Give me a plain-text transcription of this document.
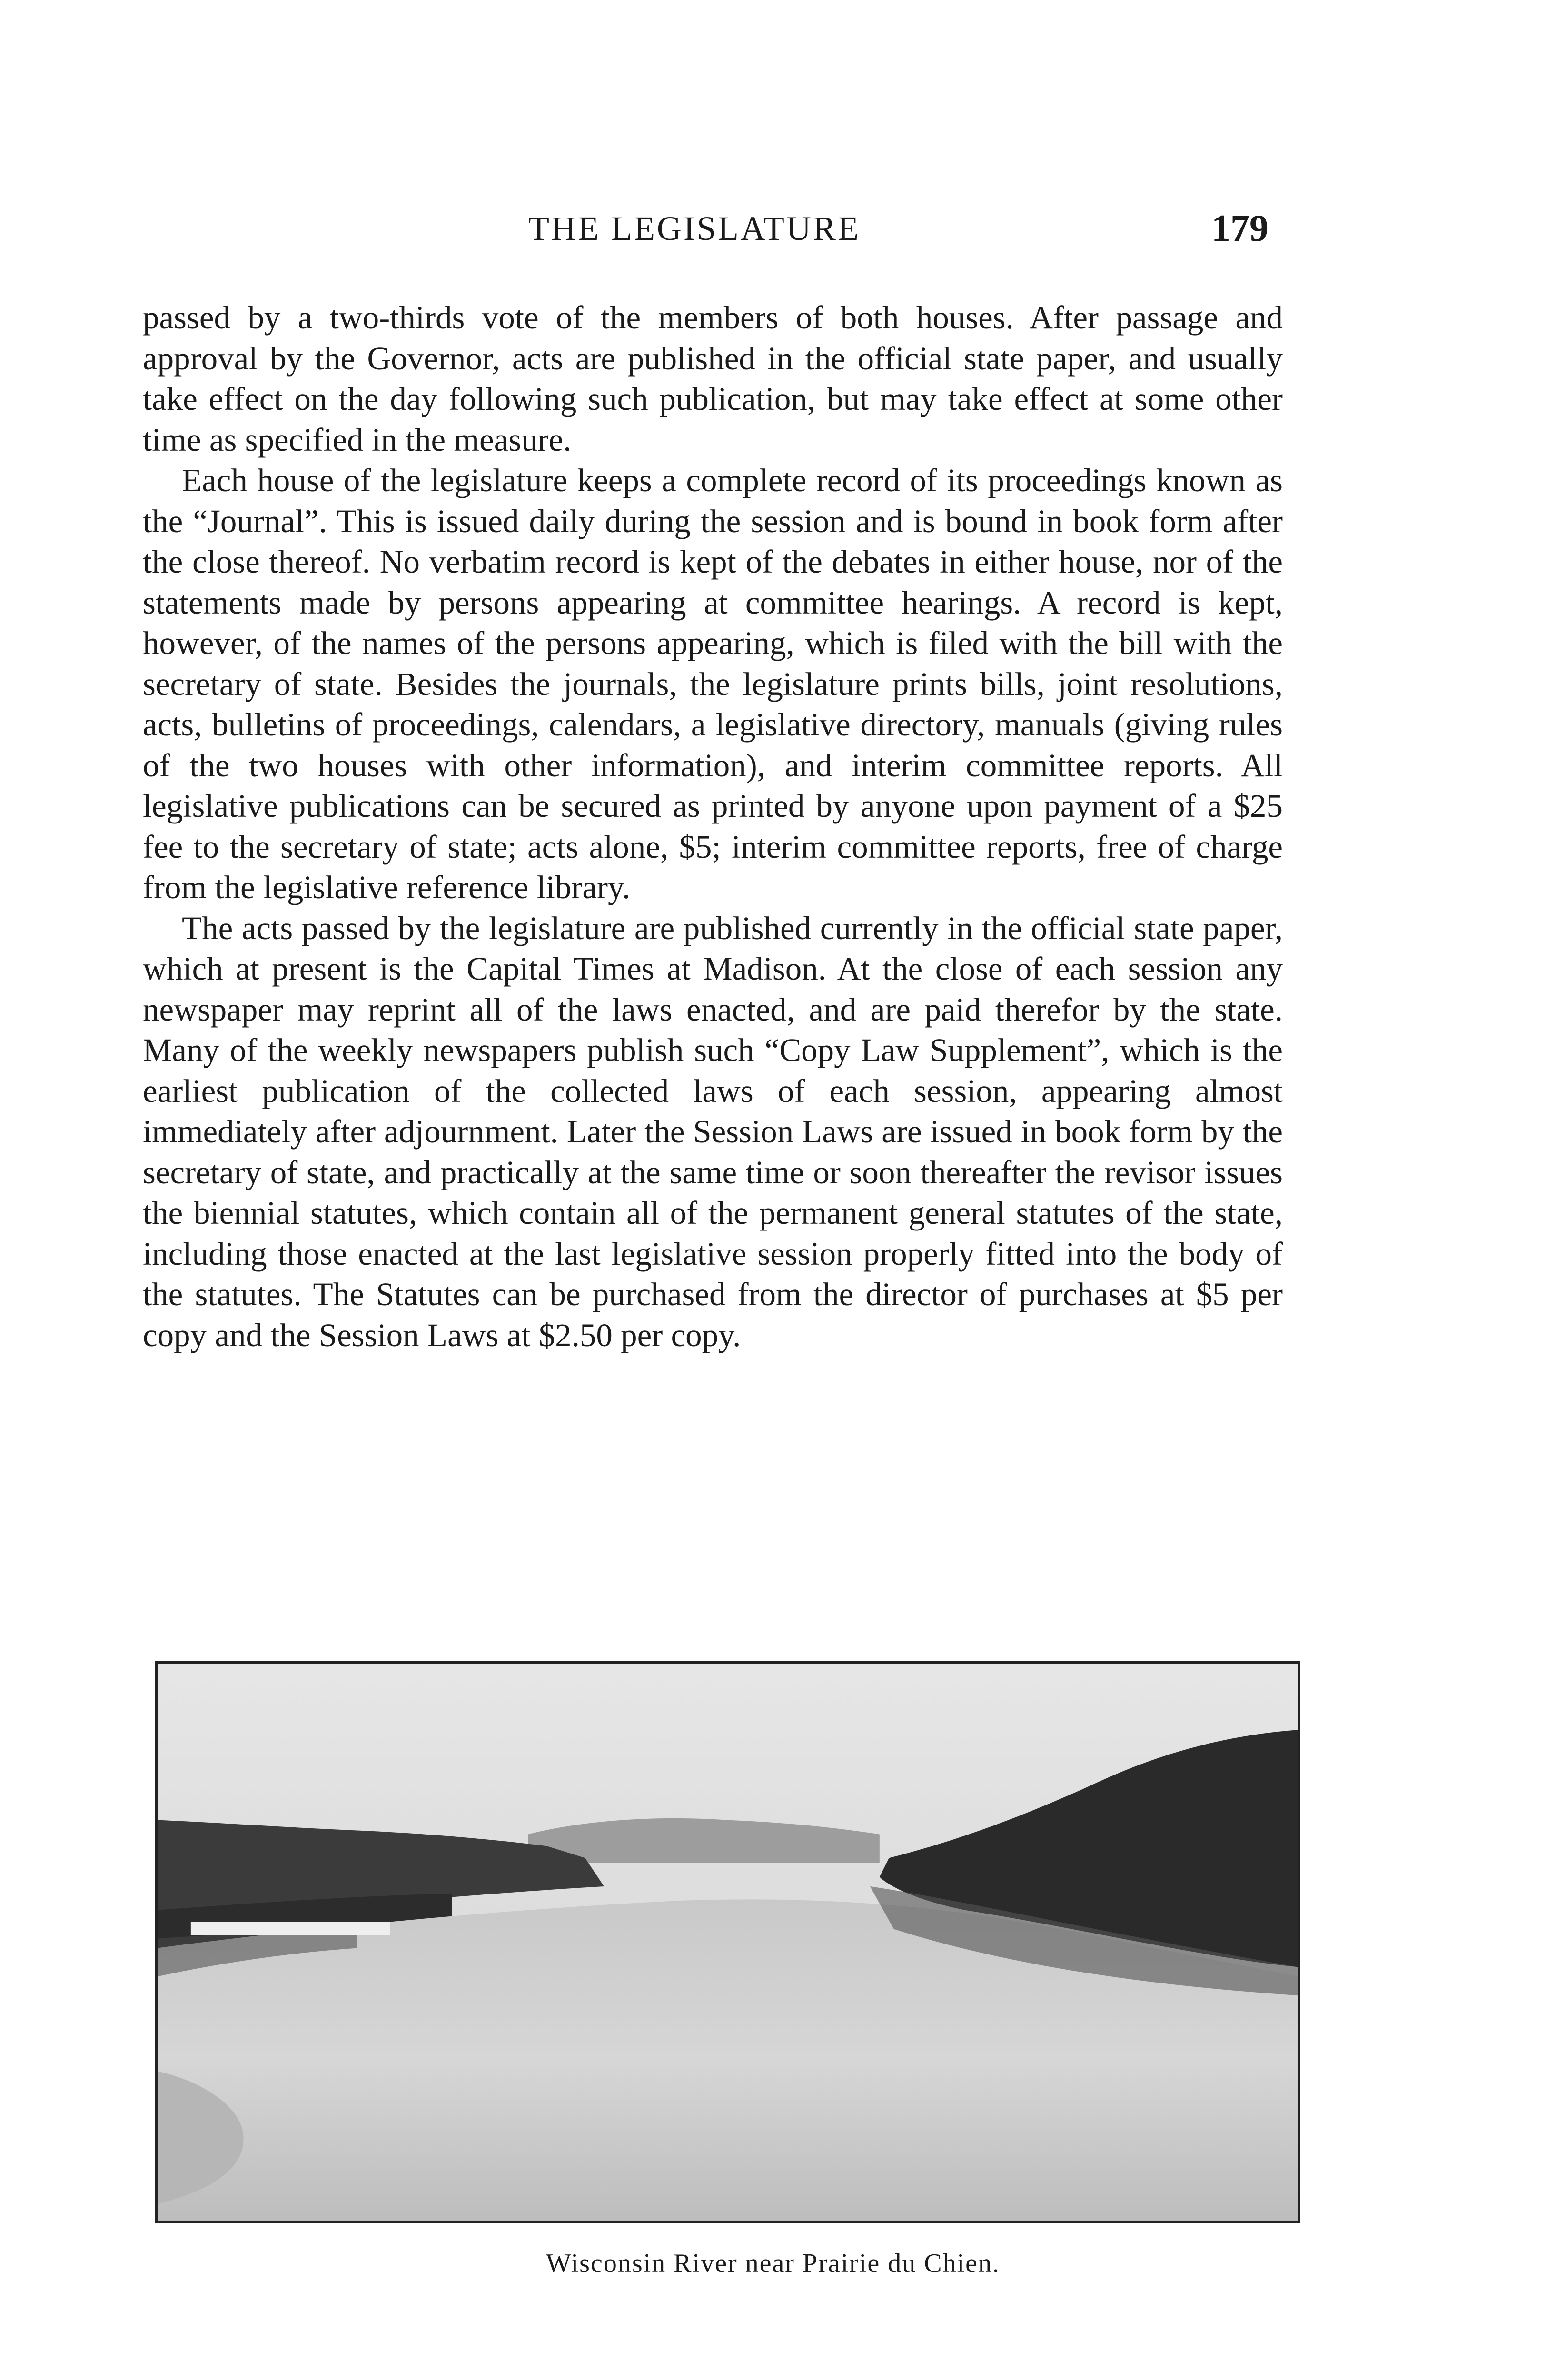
THE LEGISLATURE	179

passed by a two-thirds vote of the members of both houses. After passage and approval by the Governor, acts are published in the official state paper, and usually take effect on the day following such publication, but may take effect at some other time as specified in the measure.

Each house of the legislature keeps a complete record of its proceedings known as the “Journal”. This is issued daily during the session and is bound in book form after the close thereof. No verbatim record is kept of the debates in either house, nor of the statements made by persons appearing at committee hearings. A record is kept, however, of the names of the persons appearing, which is filed with the bill with the secretary of state. Besides the journals, the legislature prints bills, joint resolutions, acts, bulletins of proceedings, calendars, a legislative directory, manuals (giving rules of the two houses with other information), and interim committee reports. All legislative publications can be secured as printed by anyone upon payment of a $25 fee to the secretary of state; acts alone, $5; interim committee reports, free of charge from the legislative reference library.

The acts passed by the legislature are published currently in the official state paper, which at present is the Capital Times at Madison. At the close of each session any newspaper may reprint all of the laws enacted, and are paid therefor by the state. Many of the weekly newspapers publish such “Copy Law Supplement”, which is the earliest publication of the collected laws of each session, appearing almost immediately after adjournment. Later the Session Laws are issued in book form by the secretary of state, and practically at the same time or soon thereafter the revisor issues the biennial statutes, which contain all of the permanent general statutes of the state, including those enacted at the last legislative session properly fitted into the body of the statutes. The Statutes can be purchased from the director of purchases at $5 per copy and the Session Laws at $2.50 per copy.

Wisconsin River near Prairie du Chien.
